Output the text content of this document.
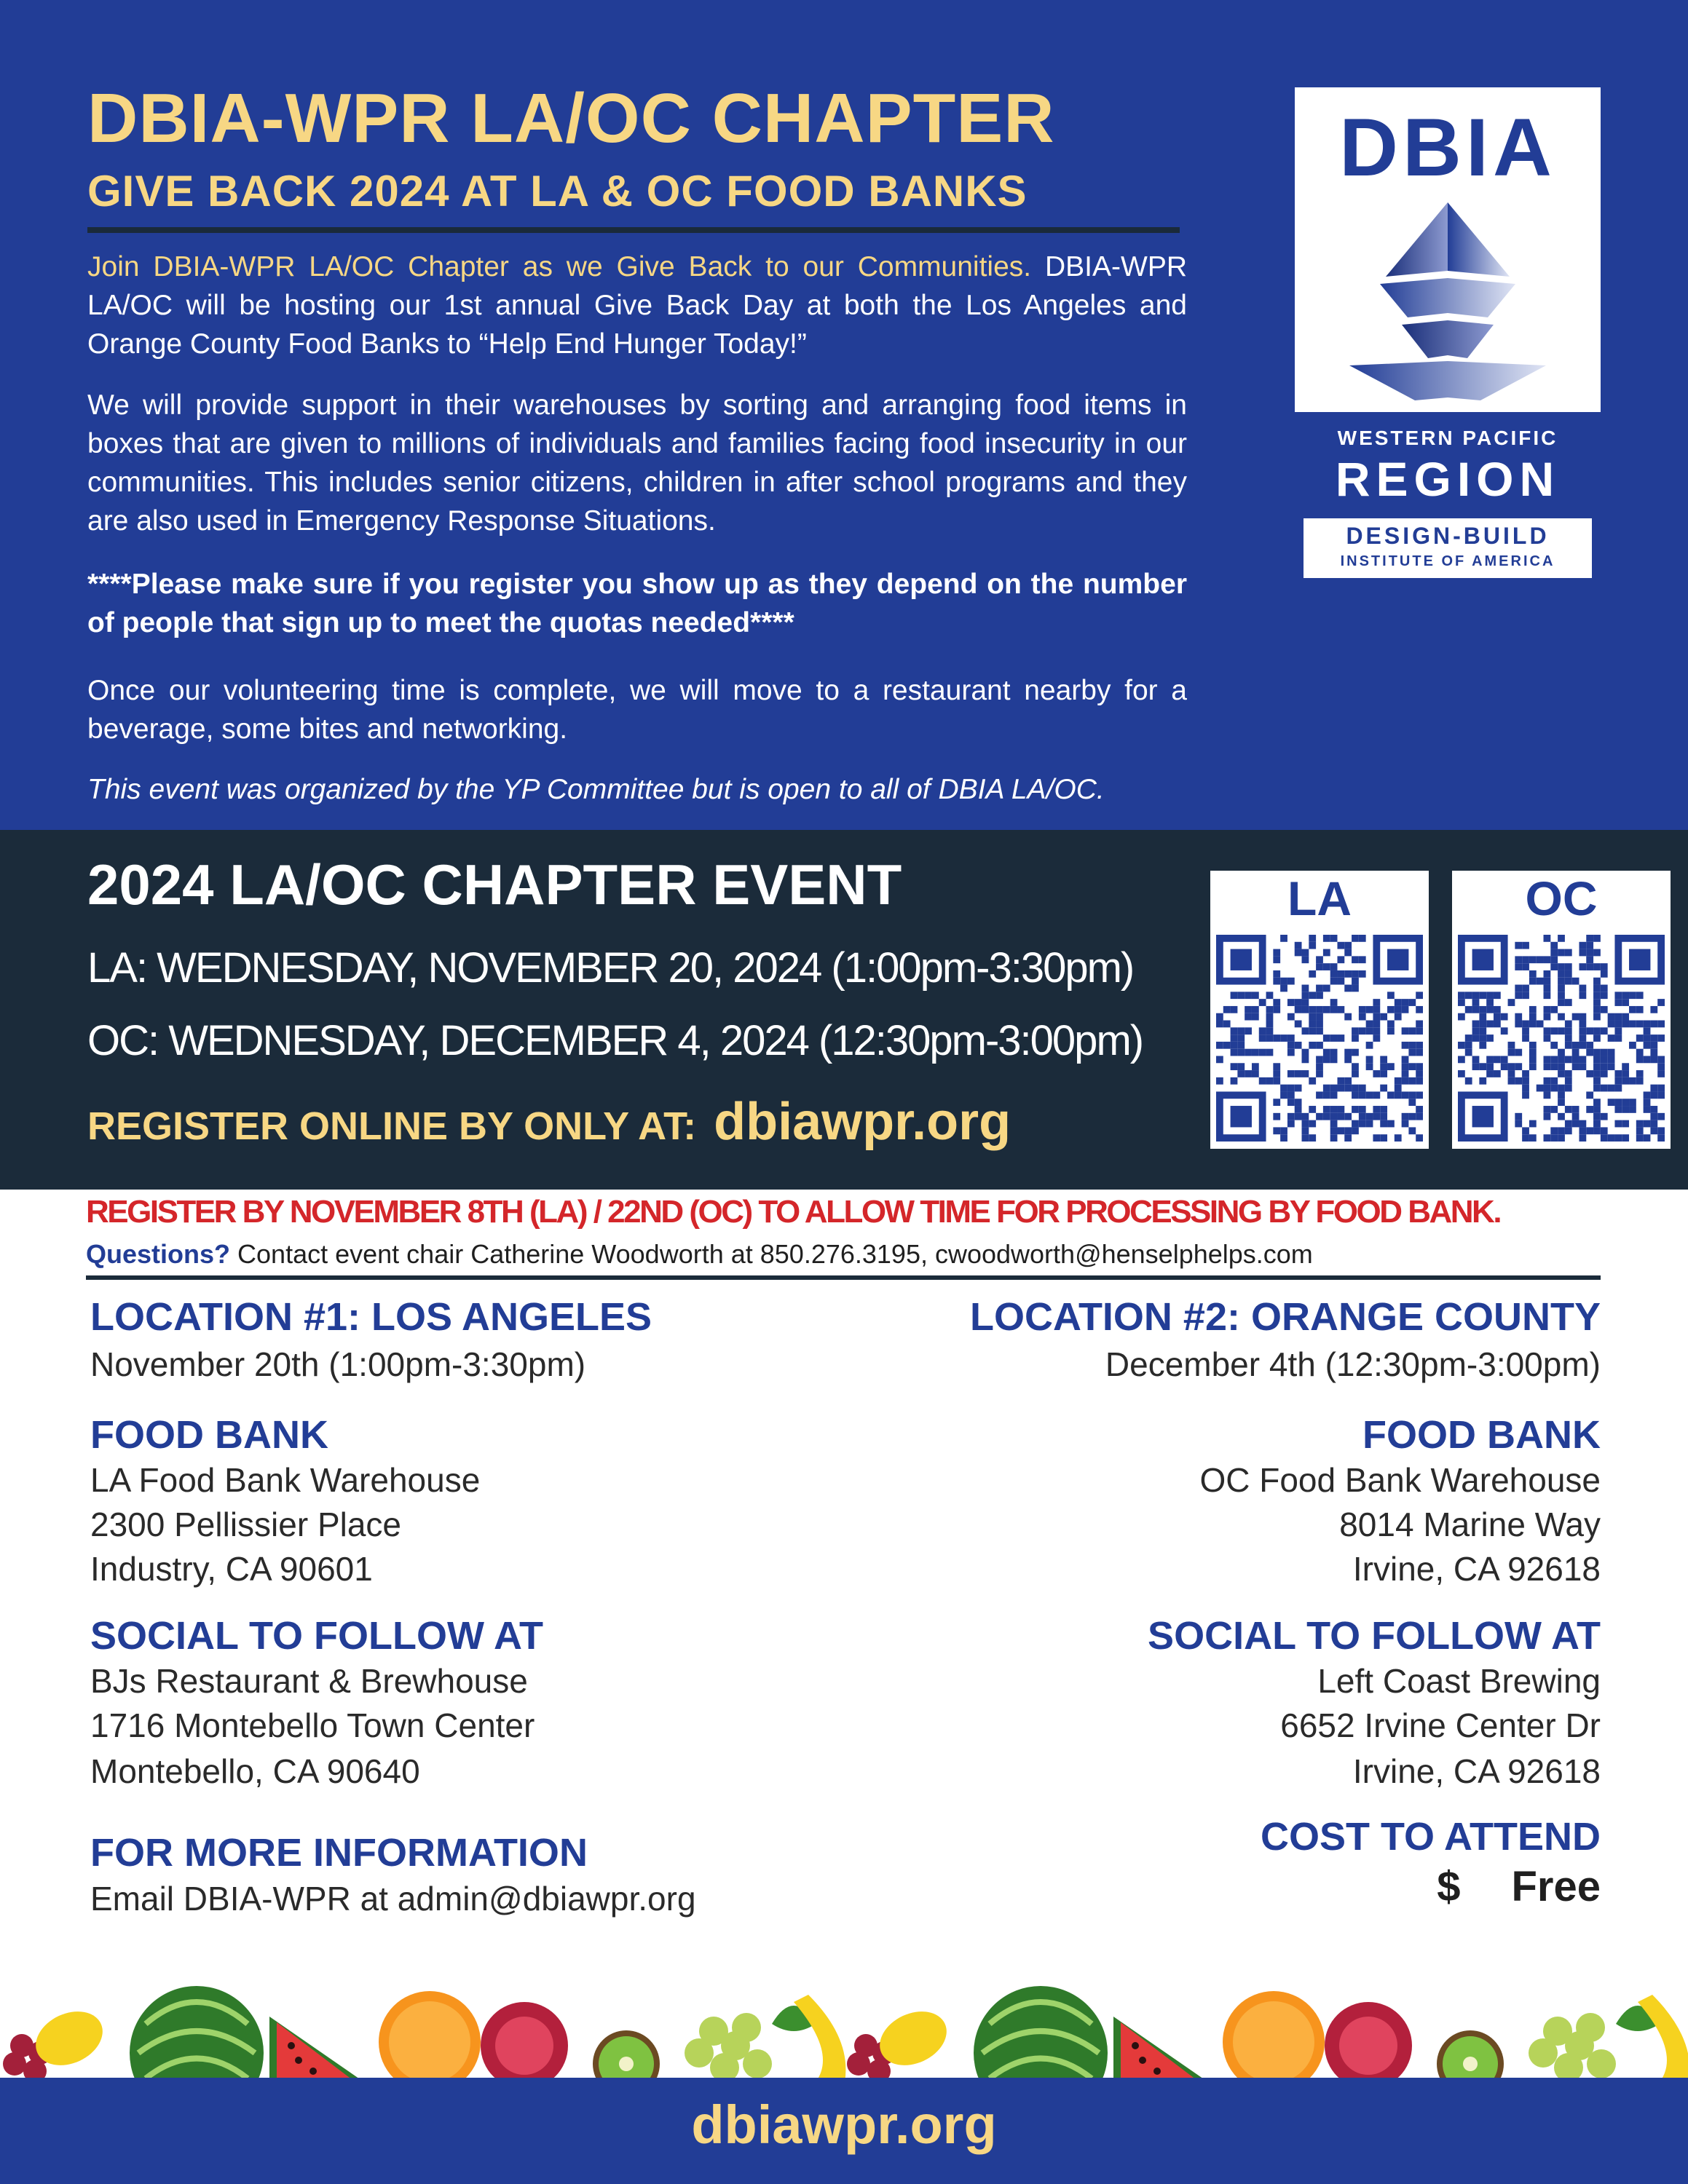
DBIA-WPR LA/OC CHAPTER
GIVE BACK 2024 AT LA & OC FOOD BANKS
Join DBIA-WPR LA/OC Chapter as we Give Back to our Communities. DBIA-WPR LA/OC will be hosting our 1st annual Give Back Day at both the Los Angeles and Orange County Food Banks to “Help End Hunger Today!”
We will provide support in their warehouses by sorting and arranging food items in boxes that are given to millions of individuals and families facing food insecurity in our communities. This includes senior citizens, children in after school programs and they are also used in Emergency Response Situations.
****Please make sure if you register you show up as they depend on the number of people that sign up to meet the quotas needed****
Once our volunteering time is complete, we will move to a restaurant nearby for a beverage, some bites and networking.
This event was organized by the YP Committee but is open to all of DBIA LA/OC.
DBIA
WESTERN PACIFIC
REGION
DESIGN-BUILD
INSTITUTE OF AMERICA
2024 LA/OC CHAPTER EVENT
LA: WEDNESDAY, NOVEMBER 20, 2024 (1:00pm-3:30pm)
OC: WEDNESDAY, DECEMBER 4, 2024 (12:30pm-3:00pm)
REGISTER ONLINE BY ONLY AT: dbiawpr.org
LA	OC
REGISTER BY NOVEMBER 8TH (LA) / 22ND (OC) TO ALLOW TIME FOR PROCESSING BY FOOD BANK.
Questions? Contact event chair Catherine Woodworth at 850.276.3195, cwoodworth@henselphelps.com
LOCATION #1: LOS ANGELES
November 20th (1:00pm-3:30pm)
FOOD BANK
LA Food Bank Warehouse
2300 Pellissier Place
Industry, CA 90601
SOCIAL TO FOLLOW AT
BJs Restaurant & Brewhouse
1716 Montebello Town Center
Montebello, CA 90640
FOR MORE INFORMATION
Email DBIA-WPR at admin@dbiawpr.org
LOCATION #2: ORANGE COUNTY
December 4th (12:30pm-3:00pm)
FOOD BANK
OC Food Bank Warehouse
8014 Marine Way
Irvine, CA 92618
SOCIAL TO FOLLOW AT
Left Coast Brewing
6652 Irvine Center Dr
Irvine, CA 92618
COST TO ATTEND
$ Free
dbiawpr.org
